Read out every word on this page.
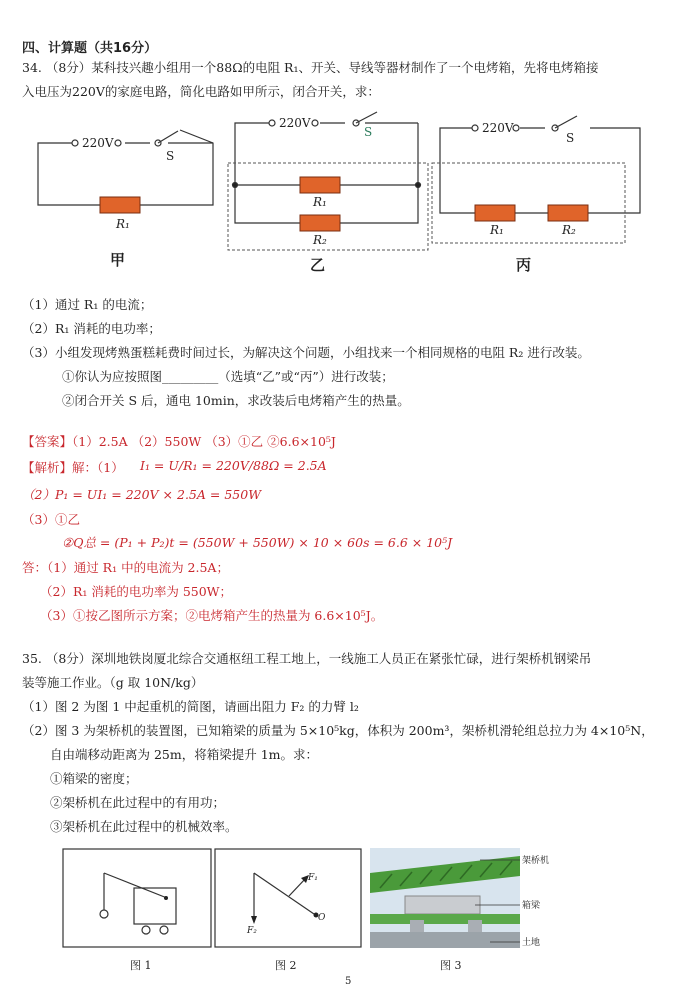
四、计算题（共16分）
34. （8分）某科技兴趣小组用一个88Ω的电阻 R₁、开关、导线等器材制作了一个电烤箱，先将电烤箱接
入电压为220V的家庭电路，简化电路如甲所示，闭合开关，求：
220V
S
R₁
220V
S
R₁
R₂
220V
S
R₁	R₂
甲	乙	丙
（1）通过 R₁ 的电流；
（2）R₁ 消耗的电功率；
（3）小组发现烤熟蛋糕耗费时间过长，为解决这个问题，小组找来一个相同规格的电阻 R₂ 进行改装。
①你认为应按照图_________（选填“乙”或“丙”）进行改装；
②闭合开关 S 后，通电 10min，求改装后电烤箱产生的热量。
【答案】（1）2.5A （2）550W （3）①乙 ②6.6×10⁵J
【解析】解：（1） I₁ = U/R₁ = 220V/88Ω = 2.5A
（2）P₁ = UI₁ = 220V × 2.5A = 550W
（3）①乙
②Q总 = (P₁ + P₂)t = (550W + 550W) × 10 × 60s = 6.6 × 10⁵J
答：（1）通过 R₁ 中的电流为 2.5A；
（2）R₁ 消耗的电功率为 550W；
（3）①按乙图所示方案；②电烤箱产生的热量为 6.6×10⁵J。
35. （8分）深圳地铁岗厦北综合交通枢纽工程工地上，一线施工人员正在紧张忙碌，进行架桥机钢梁吊
装等施工作业。（g 取 10N/kg）
（1）图 2 为图 1 中起重机的简图，请画出阻力 F₂ 的力臂 l₂
（2）图 3 为架桥机的装置图，已知箱梁的质量为 5×10⁵kg，体积为 200m³，架桥机滑轮组总拉力为 4×10⁵N，
自由端移动距离为 25m，将箱梁提升 1m。求：
①箱梁的密度；
②架桥机在此过程中的有用功；
③架桥机在此过程中的机械效率。
图 1
F₁
F₂
O
图 2
架桥机
箱梁
土地
图 3
5
